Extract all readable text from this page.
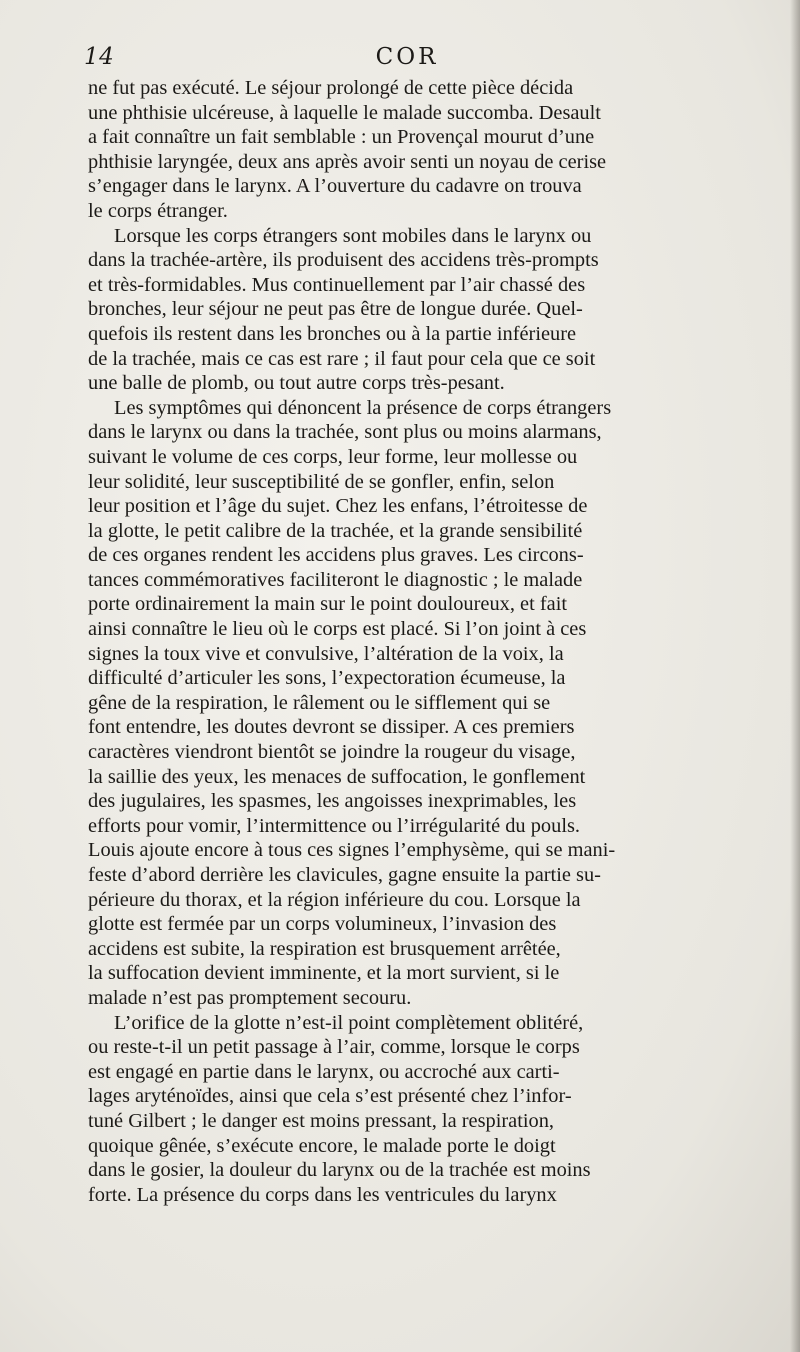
14	COR
ne fut pas exécuté. Le séjour prolongé de cette pièce décida
une phthisie ulcéreuse, à laquelle le malade succomba. Desault
a fait connaître un fait semblable : un Provençal mourut d’une
phthisie laryngée, deux ans après avoir senti un noyau de cerise
s’engager dans le larynx. A l’ouverture du cadavre on trouva
le corps étranger.
Lorsque les corps étrangers sont mobiles dans le larynx ou
dans la trachée-artère, ils produisent des accidens très-prompts
et très-formidables. Mus continuellement par l’air chassé des
bronches, leur séjour ne peut pas être de longue durée. Quel-
quefois ils restent dans les bronches ou à la partie inférieure
de la trachée, mais ce cas est rare ; il faut pour cela que ce soit
une balle de plomb, ou tout autre corps très-pesant.
Les symptômes qui dénoncent la présence de corps étrangers
dans le larynx ou dans la trachée, sont plus ou moins alarmans,
suivant le volume de ces corps, leur forme, leur mollesse ou
leur solidité, leur susceptibilité de se gonfler, enfin, selon
leur position et l’âge du sujet. Chez les enfans, l’étroitesse de
la glotte, le petit calibre de la trachée, et la grande sensibilité
de ces organes rendent les accidens plus graves. Les circons-
tances commémoratives faciliteront le diagnostic ; le malade
porte ordinairement la main sur le point douloureux, et fait
ainsi connaître le lieu où le corps est placé. Si l’on joint à ces
signes la toux vive et convulsive, l’altération de la voix, la
difficulté d’articuler les sons, l’expectoration écumeuse, la
gêne de la respiration, le râlement ou le sifflement qui se
font entendre, les doutes devront se dissiper. A ces premiers
caractères viendront bientôt se joindre la rougeur du visage,
la saillie des yeux, les menaces de suffocation, le gonflement
des jugulaires, les spasmes, les angoisses inexprimables, les
efforts pour vomir, l’intermittence ou l’irrégularité du pouls.
Louis ajoute encore à tous ces signes l’emphysème, qui se mani-
feste d’abord derrière les clavicules, gagne ensuite la partie su-
périeure du thorax, et la région inférieure du cou. Lorsque la
glotte est fermée par un corps volumineux, l’invasion des
accidens est subite, la respiration est brusquement arrêtée,
la suffocation devient imminente, et la mort survient, si le
malade n’est pas promptement secouru.
L’orifice de la glotte n’est-il point complètement oblitéré,
ou reste-t-il un petit passage à l’air, comme, lorsque le corps
est engagé en partie dans le larynx, ou accroché aux carti-
lages aryténoïdes, ainsi que cela s’est présenté chez l’infor-
tuné Gilbert ; le danger est moins pressant, la respiration,
quoique gênée, s’exécute encore, le malade porte le doigt
dans le gosier, la douleur du larynx ou de la trachée est moins
forte. La présence du corps dans les ventricules du larynx
